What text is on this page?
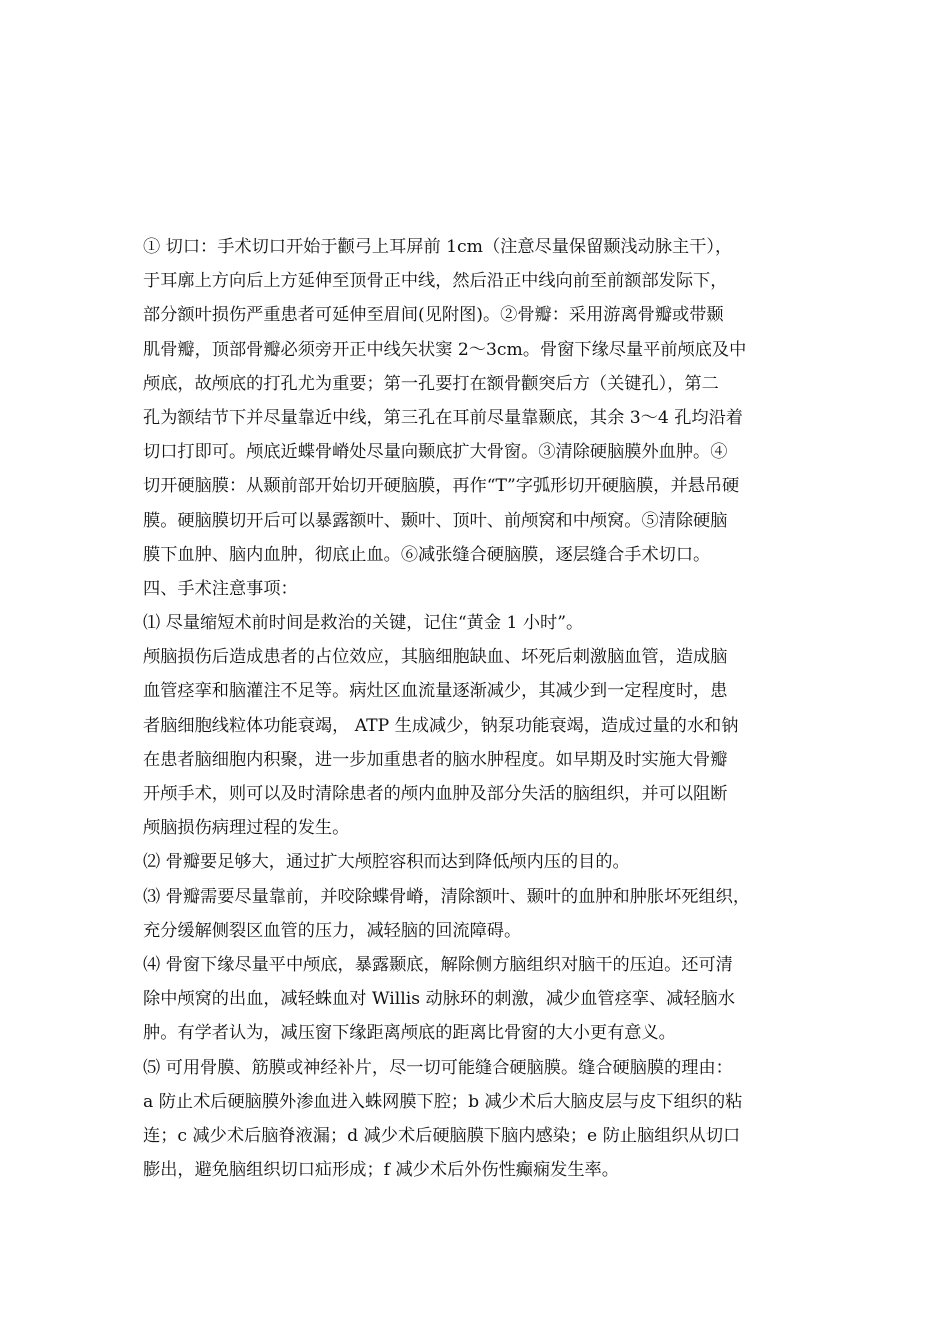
① 切口：手术切口开始于颧弓上耳屏前 1cm（注意尽量保留颞浅动脉主干），
于耳廓上方向后上方延伸至顶骨正中线，然后沿正中线向前至前额部发际下，
部分额叶损伤严重患者可延伸至眉间(见附图)。②骨瓣：采用游离骨瓣或带颞
肌骨瓣，顶部骨瓣必须旁开正中线矢状窦 2～3cm。骨窗下缘尽量平前颅底及中
颅底，故颅底的打孔尤为重要；第一孔要打在额骨颧突后方（关键孔），第二
孔为额结节下并尽量靠近中线，第三孔在耳前尽量靠颞底，其余 3～4 孔均沿着
切口打即可。颅底近蝶骨嵴处尽量向颞底扩大骨窗。③清除硬脑膜外血肿。④
切开硬脑膜：从颞前部开始切开硬脑膜，再作“T”字弧形切开硬脑膜，并悬吊硬
膜。硬脑膜切开后可以暴露额叶、颞叶、顶叶、前颅窝和中颅窝。⑤清除硬脑
膜下血肿、脑内血肿，彻底止血。⑥减张缝合硬脑膜，逐层缝合手术切口。
四、手术注意事项：
⑴ 尽量缩短术前时间是救治的关键，记住“黄金 1 小时”。
颅脑损伤后造成患者的占位效应，其脑细胞缺血、坏死后刺激脑血管，造成脑
血管痉挛和脑灌注不足等。病灶区血流量逐渐减少，其减少到一定程度时，患
者脑细胞线粒体功能衰竭， ATP 生成减少，钠泵功能衰竭，造成过量的水和钠
在患者脑细胞内积聚，进一步加重患者的脑水肿程度。如早期及时实施大骨瓣
开颅手术，则可以及时清除患者的颅内血肿及部分失活的脑组织，并可以阻断
颅脑损伤病理过程的发生。
⑵ 骨瓣要足够大，通过扩大颅腔容积而达到降低颅内压的目的。
⑶ 骨瓣需要尽量靠前，并咬除蝶骨嵴，清除额叶、颞叶的血肿和肿胀坏死组织，
充分缓解侧裂区血管的压力，减轻脑的回流障碍。
⑷ 骨窗下缘尽量平中颅底，暴露颞底，解除侧方脑组织对脑干的压迫。还可清
除中颅窝的出血，减轻蛛血对 Willis 动脉环的刺激，减少血管痉挛、减轻脑水
肿。有学者认为，减压窗下缘距离颅底的距离比骨窗的大小更有意义。
⑸ 可用骨膜、筋膜或神经补片，尽一切可能缝合硬脑膜。缝合硬脑膜的理由：
a 防止术后硬脑膜外渗血进入蛛网膜下腔；b 减少术后大脑皮层与皮下组织的粘
连；c 减少术后脑脊液漏；d 减少术后硬脑膜下脑内感染；e 防止脑组织从切口
膨出，避免脑组织切口疝形成；f 减少术后外伤性癫痫发生率。
